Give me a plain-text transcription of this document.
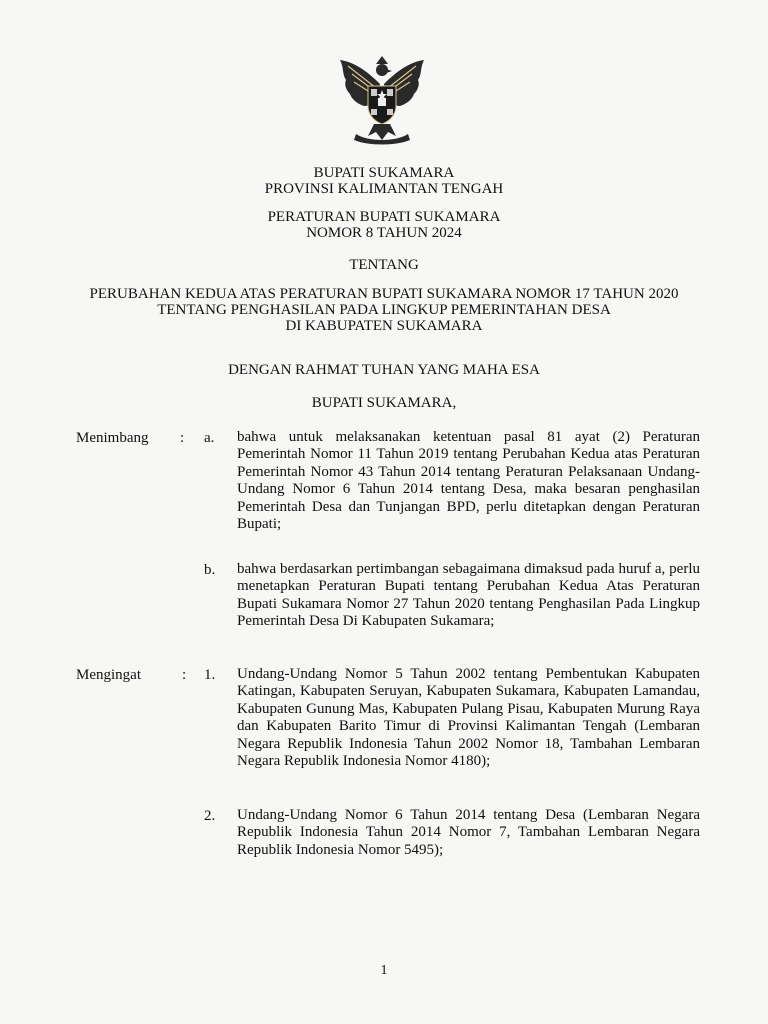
BUPATI SUKAMARA
PROVINSI KALIMANTAN TENGAH
PERATURAN BUPATI SUKAMARA
NOMOR 8 TAHUN 2024
TENTANG
PERUBAHAN KEDUA ATAS PERATURAN BUPATI SUKAMARA NOMOR 17 TAHUN 2020
TENTANG PENGHASILAN PADA LINGKUP PEMERINTAHAN DESA
DI KABUPATEN SUKAMARA
DENGAN RAHMAT TUHAN YANG MAHA ESA
BUPATI SUKAMARA,
Menimbang : a. bahwa untuk melaksanakan ketentuan pasal 81 ayat (2) Peraturan Pemerintah Nomor 11 Tahun 2019 tentang Perubahan Kedua atas Peraturan Pemerintah Nomor 43 Tahun 2014 tentang Peraturan Pelaksanaan Undang-Undang Nomor 6 Tahun 2014 tentang Desa, maka besaran penghasilan Pemerintah Desa dan Tunjangan BPD, perlu ditetapkan dengan Peraturan Bupati;
b. bahwa berdasarkan pertimbangan sebagaimana dimaksud pada huruf a, perlu menetapkan Peraturan Bupati tentang Perubahan Kedua Atas Peraturan Bupati Sukamara Nomor 27 Tahun 2020 tentang Penghasilan Pada Lingkup Pemerintah Desa Di Kabupaten Sukamara;
Mengingat	: 1. Undang-Undang Nomor 5 Tahun 2002 tentang Pembentukan Kabupaten Katingan, Kabupaten Seruyan, Kabupaten Sukamara, Kabupaten Lamandau, Kabupaten Gunung Mas, Kabupaten Pulang Pisau, Kabupaten Murung Raya dan Kabupaten Barito Timur di Provinsi Kalimantan Tengah (Lembaran Negara Republik Indonesia Tahun 2002 Nomor 18, Tambahan Lembaran Negara Republik Indonesia Nomor 4180);
2. Undang-Undang Nomor 6 Tahun 2014 tentang Desa (Lembaran Negara Republik Indonesia Tahun 2014 Nomor 7, Tambahan Lembaran Negara Republik Indonesia Nomor 5495);
1
